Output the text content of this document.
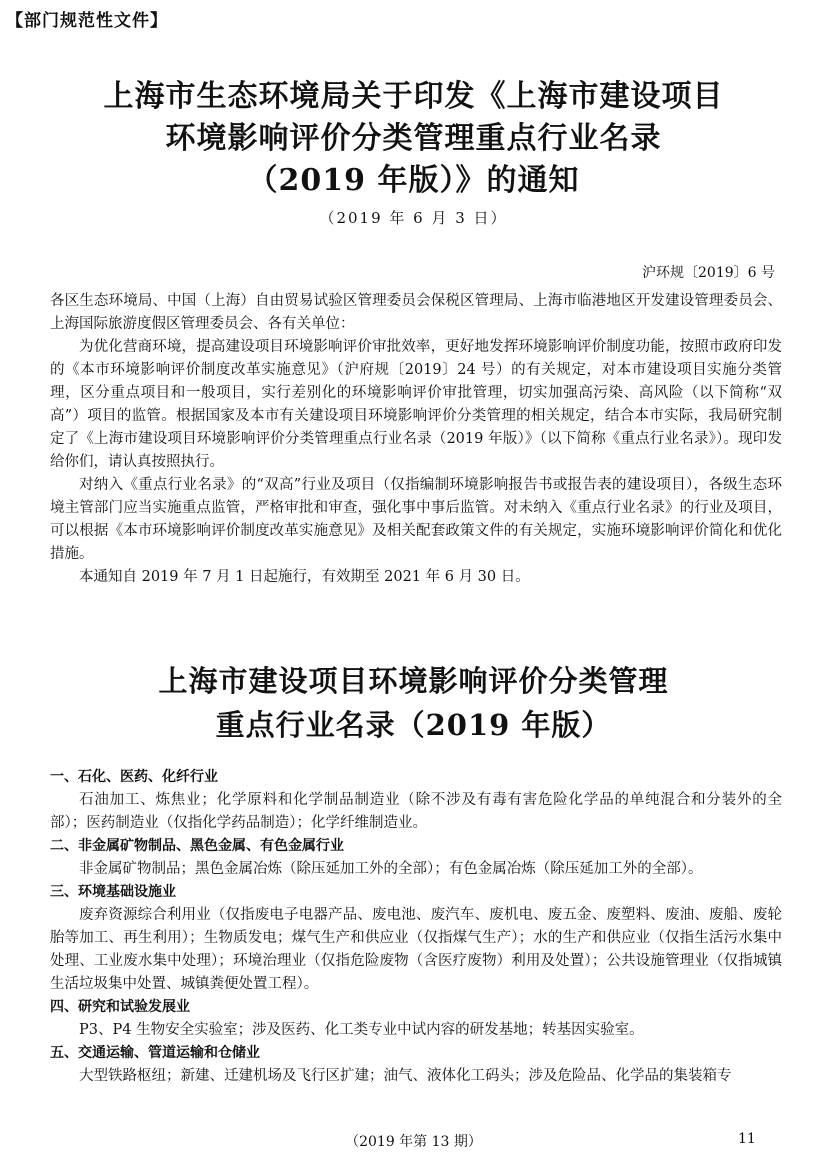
【部门规范性文件】
上海市生态环境局关于印发《上海市建设项目
环境影响评价分类管理重点行业名录
（2019 年版）》的通知
（2019 年 6 月 3 日）
沪环规〔2019〕6 号

各区生态环境局、中国（上海）自由贸易试验区管理委员会保税区管理局、上海市临港地区开发建设管理委员会、上海国际旅游度假区管理委员会、各有关单位：

为优化营商环境，提高建设项目环境影响评价审批效率，更好地发挥环境影响评价制度功能，按照市政府印发的《本市环境影响评价制度改革实施意见》（沪府规〔2019〕24 号）的有关规定，对本市建设项目实施分类管理，区分重点项目和一般项目，实行差别化的环境影响评价审批管理，切实加强高污染、高风险（以下简称“双高”）项目的监管。根据国家及本市有关建设项目环境影响评价分类管理的相关规定，结合本市实际，我局研究制定了《上海市建设项目环境影响评价分类管理重点行业名录（2019 年版）》（以下简称《重点行业名录》）。现印发给你们，请认真按照执行。

对纳入《重点行业名录》的“双高”行业及项目（仅指编制环境影响报告书或报告表的建设项目），各级生态环境主管部门应当实施重点监管，严格审批和审查，强化事中事后监管。对未纳入《重点行业名录》的行业及项目，可以根据《本市环境影响评价制度改革实施意见》及相关配套政策文件的有关规定，实施环境影响评价简化和优化措施。

本通知自 2019 年 7 月 1 日起施行，有效期至 2021 年 6 月 30 日。

上海市建设项目环境影响评价分类管理
重点行业名录（2019 年版）

一、石化、医药、化纤行业

石油加工、炼焦业；化学原料和化学制品制造业（除不涉及有毒有害危险化学品的单纯混合和分装外的全部）；医药制造业（仅指化学药品制造）；化学纤维制造业。

二、非金属矿物制品、黑色金属、有色金属行业

非金属矿物制品；黑色金属冶炼（除压延加工外的全部）；有色金属冶炼（除压延加工外的全部）。

三、环境基础设施业

废弃资源综合利用业（仅指废电子电器产品、废电池、废汽车、废机电、废五金、废塑料、废油、废船、废轮胎等加工、再生利用）；生物质发电；煤气生产和供应业（仅指煤气生产）；水的生产和供应业（仅指生活污水集中处理、工业废水集中处理）；环境治理业（仅指危险废物（含医疗废物）利用及处置）；公共设施管理业（仅指城镇生活垃圾集中处置、城镇粪便处置工程）。

四、研究和试验发展业

P3、P4 生物安全实验室；涉及医药、化工类专业中试内容的研发基地；转基因实验室。

五、交通运输、管道运输和仓储业

大型铁路枢纽；新建、迁建机场及飞行区扩建；油气、液体化工码头；涉及危险品、化学品的集装箱专

（2019 年第 13 期）	11
